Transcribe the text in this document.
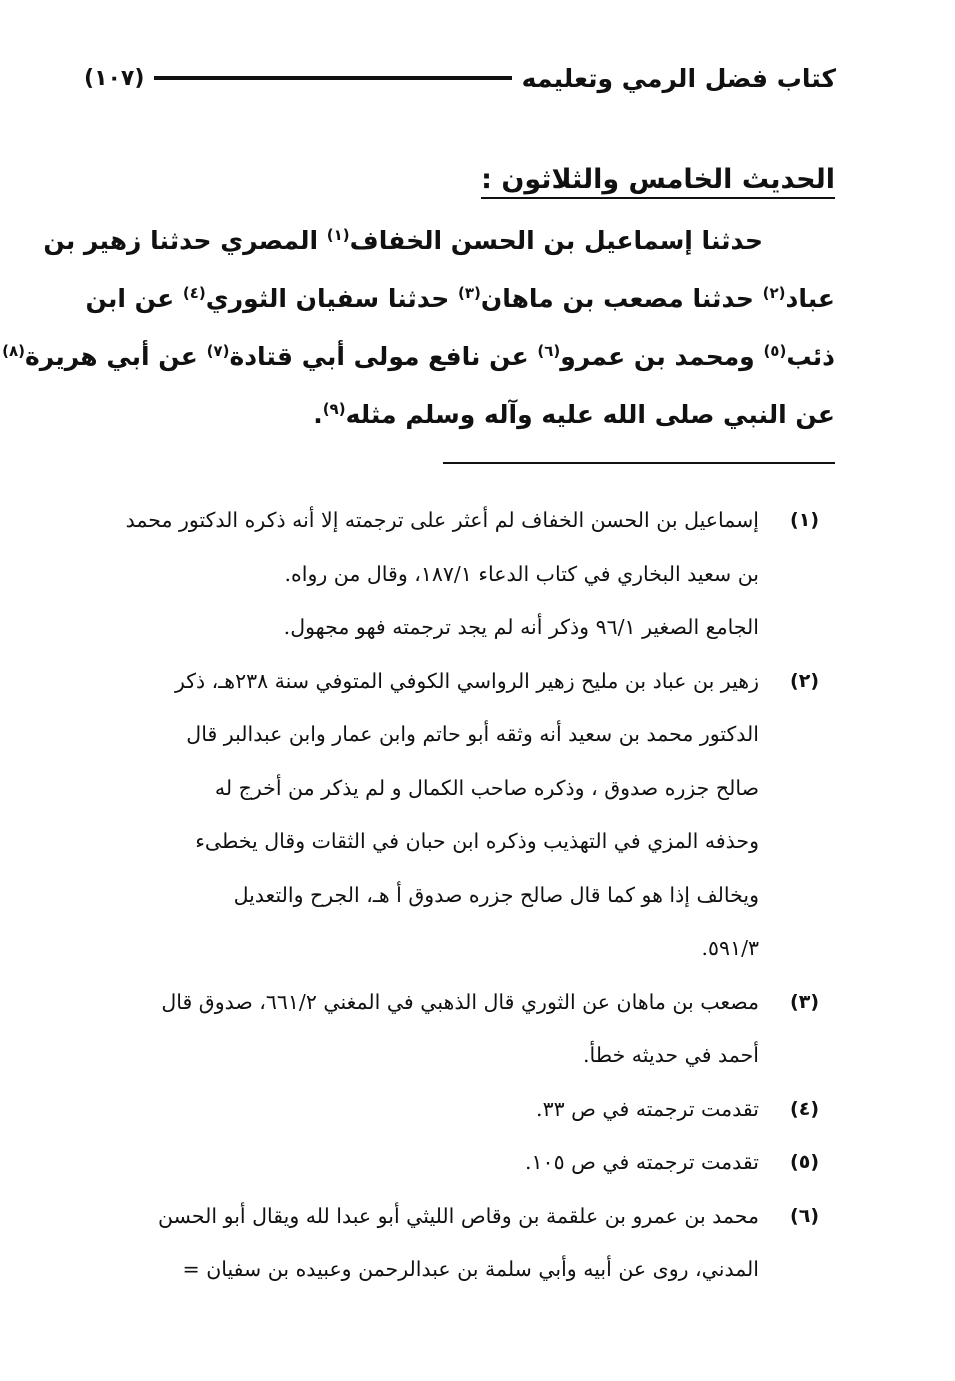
كتاب فضل الرمي وتعليمه
(١٠٧)
الحديث الخامس والثلاثون :
حدثنا إسماعيل بن الحسن الخفاف$^{(١)}$ المصري حدثنا زهير بن
عباد$^{(٢)}$ حدثنا مصعب بن ماهان$^{(٣)}$ حدثنا سفيان الثوري$^{(٤)}$ عن ابن
ذئب$^{(٥)}$ ومحمد بن عمرو$^{(٦)}$ عن نافع مولى أبي قتادة$^{(٧)}$ عن أبي هريرة$^{(٨)}$
عن النبي صلى الله عليه وآله وسلم مثله$^{(٩)}$.
(١)
إسماعيل بن الحسن الخفاف لم أعثر على ترجمته إلا أنه ذكره الدكتور محمد
بن سعيد البخاري في كتاب الدعاء ١٨٧/١، وقال من رواه.
الجامع الصغير ٩٦/١ وذكر أنه لم يجد ترجمته فهو مجهول.
(٢)
زهير بن عباد بن مليح زهير الرواسي الكوفي المتوفي سنة ٢٣٨هـ، ذكر
الدكتور محمد بن سعيد أنه وثقه أبو حاتم وابن عمار وابن عبدالبر قال
صالح جزره صدوق ، وذكره صاحب الكمال و لم يذكر من أخرج له
وحذفه المزي في التهذيب وذكره ابن حبان في الثقات وقال يخطىء
ويخالف إذا هو كما قال صالح جزره صدوق أ هـ، الجرح والتعديل
٥٩١/٣.
(٣)
مصعب بن ماهان عن الثوري قال الذهبي في المغني ٦٦١/٢، صدوق قال
أحمد في حديثه خطأ.
(٤)
تقدمت ترجمته في ص ٣٣.
(٥)
تقدمت ترجمته في ص ١٠٥.
(٦)
محمد بن عمرو بن علقمة بن وقاص الليثي أبو عبدا لله ويقال أبو الحسن
المدني، روى عن أبيه وأبي سلمة بن عبدالرحمن وعبيده بن سفيان =
